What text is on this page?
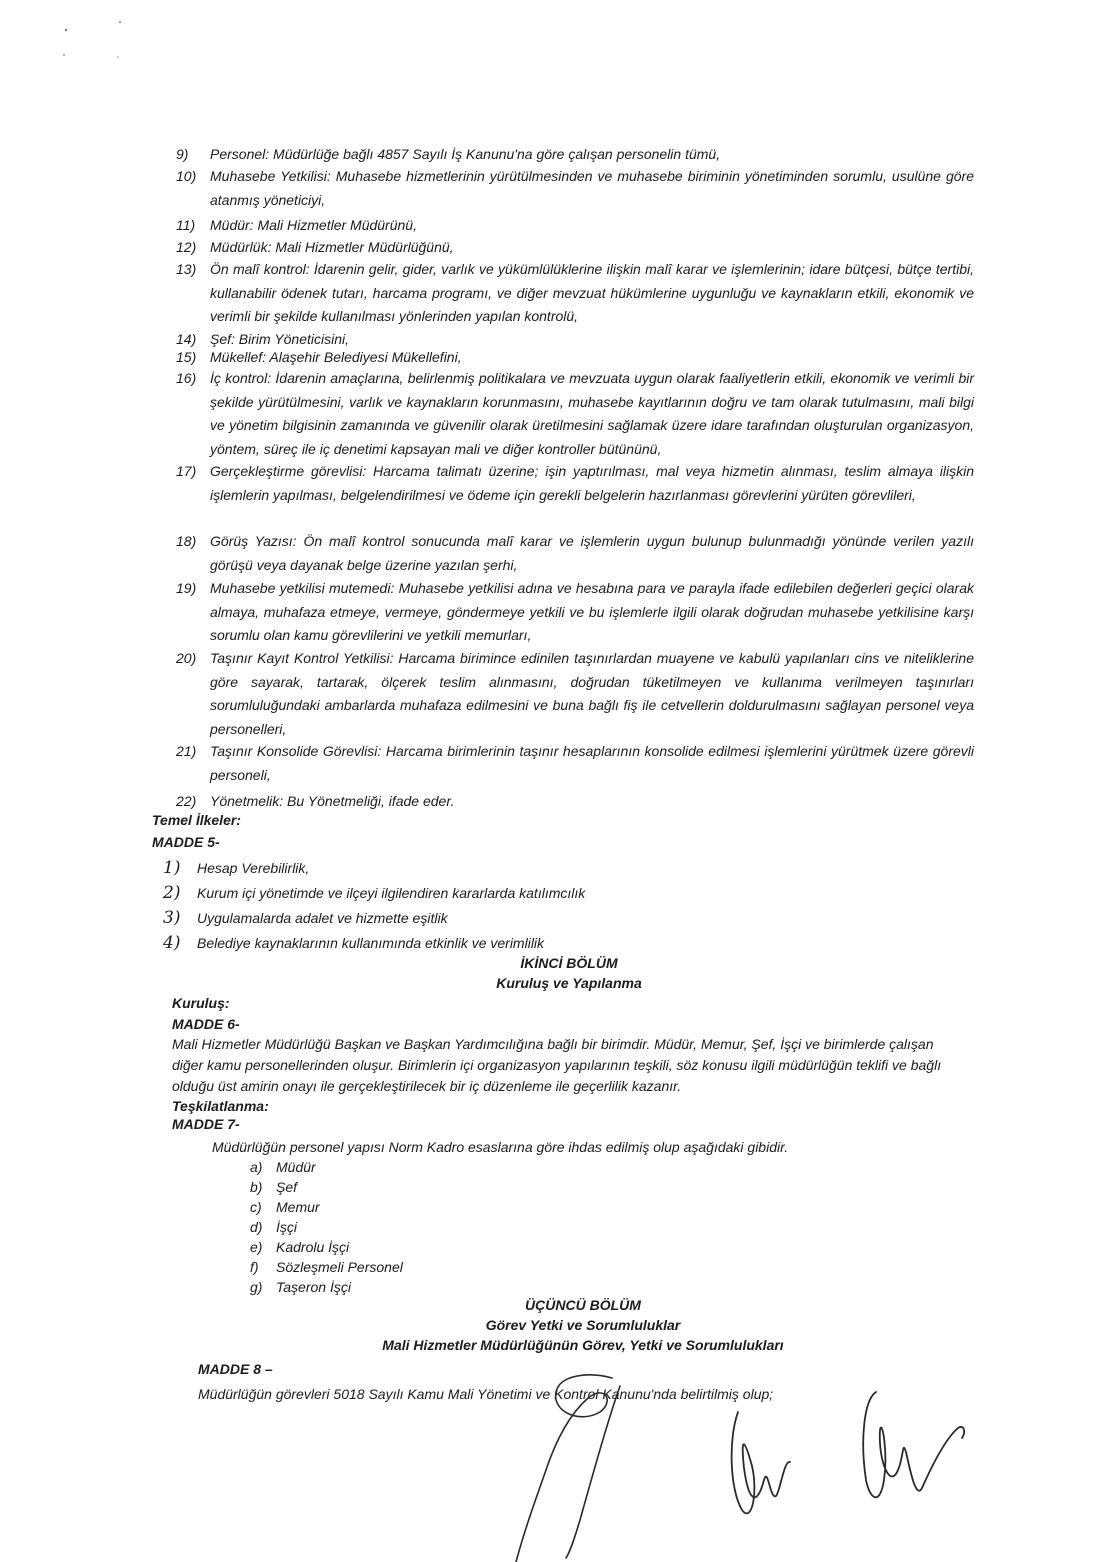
9) Personel: Müdürlüğe bağlı 4857 Sayılı İş Kanunu'na göre çalışan personelin tümü,
10) Muhasebe Yetkilisi: Muhasebe hizmetlerinin yürütülmesinden ve muhasebe biriminin yönetiminden sorumlu, usulüne göre atanmış yöneticiyi,
11) Müdür: Mali Hizmetler Müdürünü,
12) Müdürlük: Mali Hizmetler Müdürlüğünü,
13) Ön malî kontrol: İdarenin gelir, gider, varlık ve yükümlülüklerine ilişkin malî karar ve işlemlerinin; idare bütçesi, bütçe tertibi, kullanabilir ödenek tutarı, harcama programı, ve diğer mevzuat hükümlerine uygunluğu ve kaynakların etkili, ekonomik ve verimli bir şekilde kullanılması yönlerinden yapılan kontrolü,
14) Şef: Birim Yöneticisini,
15) Mükellef: Alaşehir Belediyesi Mükellefini,
16) İç kontrol: İdarenin amaçlarına, belirlenmiş politikalara ve mevzuata uygun olarak faaliyetlerin etkili, ekonomik ve verimli bir şekilde yürütülmesini, varlık ve kaynakların korunmasını, muhasebe kayıtlarının doğru ve tam olarak tutulmasını, mali bilgi ve yönetim bilgisinin zamanında ve güvenilir olarak üretilmesini sağlamak üzere idare tarafından oluşturulan organizasyon, yöntem, süreç ile iç denetimi kapsayan mali ve diğer kontroller bütününü,
17) Gerçekleştirme görevlisi: Harcama talimatı üzerine; işin yaptırılması, mal veya hizmetin alınması, teslim almaya ilişkin işlemlerin yapılması, belgelendirilmesi ve ödeme için gerekli belgelerin hazırlanması görevlerini yürüten görevlileri,
18) Görüş Yazısı: Ön malî kontrol sonucunda malî karar ve işlemlerin uygun bulunup bulunmadığı yönünde verilen yazılı görüşü veya dayanak belge üzerine yazılan şerhi,
19) Muhasebe yetkilisi mutemedi: Muhasebe yetkilisi adına ve hesabına para ve parayla ifade edilebilen değerleri geçici olarak almaya, muhafaza etmeye, vermeye, göndermeye yetkili ve bu işlemlerle ilgili olarak doğrudan muhasebe yetkilisine karşı sorumlu olan kamu görevlilerini ve yetkili memurları,
20) Taşınır Kayıt Kontrol Yetkilisi: Harcama birimince edinilen taşınırlardan muayene ve kabulü yapılanları cins ve niteliklerine göre sayarak, tartarak, ölçerek teslim alınmasını, doğrudan tüketilmeyen ve kullanıma verilmeyen taşınırları sorumluluğundaki ambarlarda muhafaza edilmesini ve buna bağlı fiş ile cetvellerin doldurulmasını sağlayan personel veya personelleri,
21) Taşınır Konsolide Görevlisi: Harcama birimlerinin taşınır hesaplarının konsolide edilmesi işlemlerini yürütmek üzere görevli personeli,
22) Yönetmelik: Bu Yönetmeliği, ifade eder.
Temel İlkeler:
MADDE 5-
1) Hesap Verebilirlik,
2) Kurum içi yönetimde ve ilçeyi ilgilendiren kararlarda katılımcılık
3) Uygulamalarda adalet ve hizmette eşitlik
4) Belediye kaynaklarının kullanımında etkinlik ve verimlilik
İKİNCİ BÖLÜM
Kuruluş ve Yapılanma
Kuruluş:
MADDE 6-
Mali Hizmetler Müdürlüğü Başkan ve Başkan Yardımcılığına bağlı bir birimdir. Müdür, Memur, Şef, İşçi ve birimlerde çalışan diğer kamu personellerinden oluşur. Birimlerin içi organizasyon yapılarının teşkili, söz konusu ilgili müdürlüğün teklifi ve bağlı olduğu üst amirin onayı ile gerçekleştirilecek bir iç düzenleme ile geçerlilik kazanır.
Teşkilatlanma:
MADDE 7-
Müdürlüğün personel yapısı Norm Kadro esaslarına göre ihdas edilmiş olup aşağıdaki gibidir.
a) Müdür
b) Şef
c) Memur
d) İşçi
e) Kadrolu İşçi
f) Sözleşmeli Personel
g) Taşeron İşçi
ÜÇÜNCÜ BÖLÜM
Görev Yetki ve Sorumluluklar
Mali Hizmetler Müdürlüğünün Görev, Yetki ve Sorumlulukları
MADDE 8 –
Müdürlüğün görevleri 5018 Sayılı Kamu Mali Yönetimi ve Kontrol Kanunu'nda belirtilmiş olup;
